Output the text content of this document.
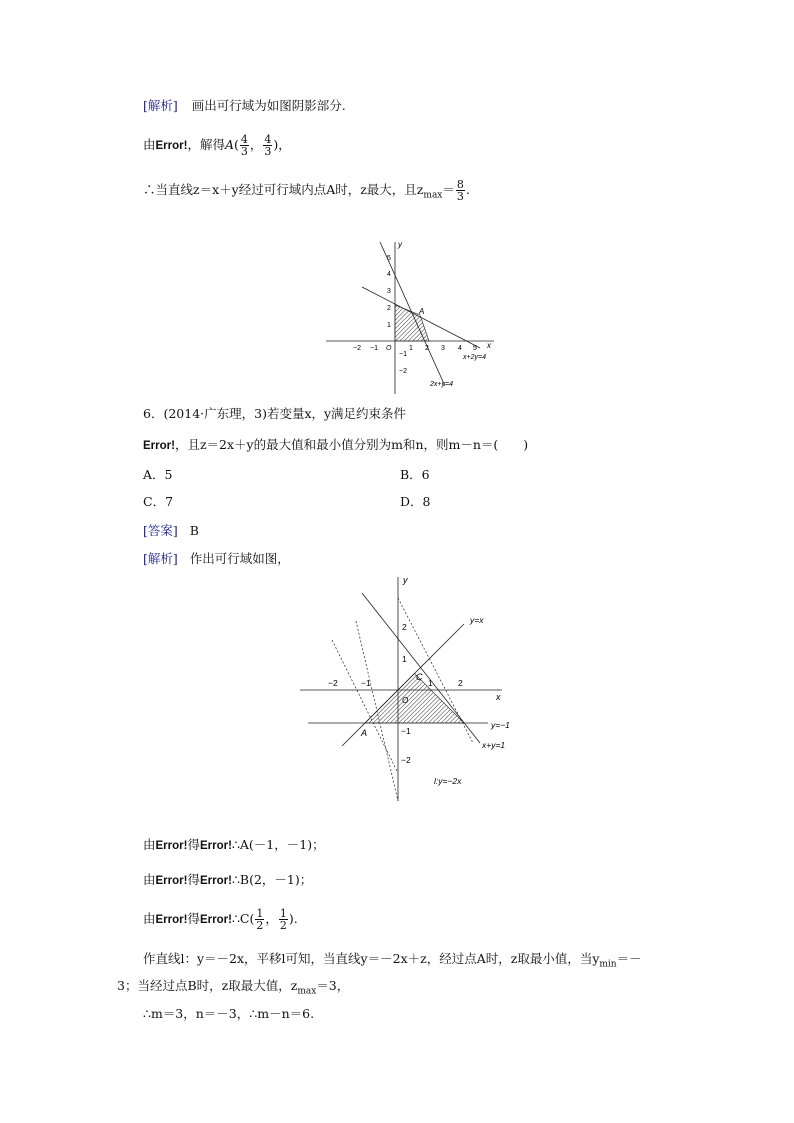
[解析] 画出可行域为如图阴影部分.
由Error!，解得$A( \frac{4}{3}$ ， $\frac{4}{3}$ )，
∴当直线z＝x＋y经过可行域内点A时，z最大，且$z_{max}= \frac{8}{3}$ .
y
x
O
−2 −1	1 2 3 4 5
1
2
3
4
5
−1
−2
A
x+2y=4
2x+y=4
6．(2014·广东理，3)若变量x，y满足约束条件
Error!，且z＝2x＋y的最大值和最小值分别为m和n，则m－n＝(　　)
A．5	B．6
C．7	D．8
[答案] B
[解析] 作出可行域如图，
y
x
O
−2	−1	1	2
2
1
−1
−2
y=x
y=−1
x+y=1
l:y=−2x
A
C
由Error!得Error!∴A(－1，－1)；
由Error!得Error!∴B(2，－1)；
由Error!得Error!∴C( $\frac{1}{2}$ ， $\frac{1}{2}$ ).
作直线l：y＝－2x，平移l可知，当直线y＝－2x＋z，经过点A时，z取最小值，当$y_{min}=-$
3；当经过点B时，z取最大值，$z_{max}=3$，
∴m＝3，n＝－3，∴m－n＝6.
